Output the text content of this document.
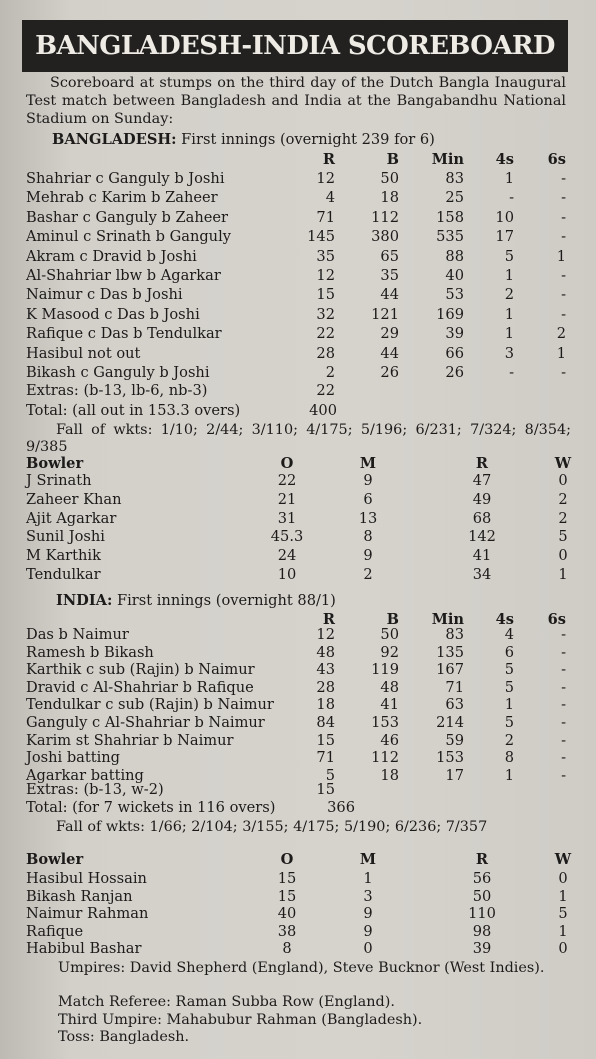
BANGLADESH-INDIA SCOREBOARD

Scoreboard at stumps on the third day of the Dutch Bangla Inaugural Test match between Bangladesh and India at the Bangabandhu National Stadium on Sunday:

BANGLADESH: First innings (overnight 239 for 6)
R	B	Min	4s	6s
Shahriar c Ganguly b Joshi	12	50	83	1	-
Mehrab c Karim b Zaheer	4	18	25	-	-
Bashar c Ganguly b Zaheer	71	112	158	10	-
Aminul c Srinath b Ganguly	145	380	535	17	-
Akram c Dravid b Joshi	35	65	88	5	1
Al-Shahriar lbw b Agarkar	12	35	40	1	-
Naimur c Das b Joshi	15	44	53	2	-
K Masood c Das b Joshi	32	121	169	1	-
Rafique c Das b Tendulkar	22	29	39	1	2
Hasibul not out	28	44	66	3	1
Bikash c Ganguly b Joshi	2	26	26	-	-
Extras: (b-13, lb-6, nb-3)	22
Total: (all out in 153.3 overs)	400
Bowler	O	M	R	W
J Srinath	22	9	47	0
Zaheer Khan	21	6	49	2
Ajit Agarkar	31	13	68	2
Sunil Joshi	45.3	8	142	5
M Karthik	24	9	41	0
Tendulkar	10	2	34	1
Fall of wkts: 1/10; 2/44; 3/110; 4/175; 5/196; 6/231; 7/324; 8/354; 9/385
INDIA: First innings (overnight 88/1)
R	B	Min	4s	6s
Das b Naimur	12	50	83	4	-
Ramesh b Bikash	48	92	135	6	-
Karthik c sub (Rajin) b Naimur	43	119	167	5	-
Dravid c Al-Shahriar b Rafique	28	48	71	5	-
Tendulkar c sub (Rajin) b Naimur	18	41	63	1	-
Ganguly c Al-Shahriar b Naimur	84	153	214	5	-
Karim st Shahriar b Naimur	15	46	59	2	-
Joshi batting	71	112	153	8	-
Agarkar batting	5	18	17	1	-
Extras: (b-13, w-2)	15
Total: (for 7 wickets in 116 overs)	366
Bowler	O	M	R	W
Hasibul Hossain	15	1	56	0
Bikash Ranjan	15	3	50	1
Naimur Rahman	40	9	110	5
Rafique	38	9	98	1
Habibul Bashar	8	0	39	0
Fall of wkts: 1/66; 2/104; 3/155; 4/175; 5/190; 6/236; 7/357
Umpires: David Shepherd (England), Steve Bucknor (West Indies).
Match Referee: Raman Subba Row (England).
Third Umpire: Mahabubur Rahman (Bangladesh).
Toss: Bangladesh.
